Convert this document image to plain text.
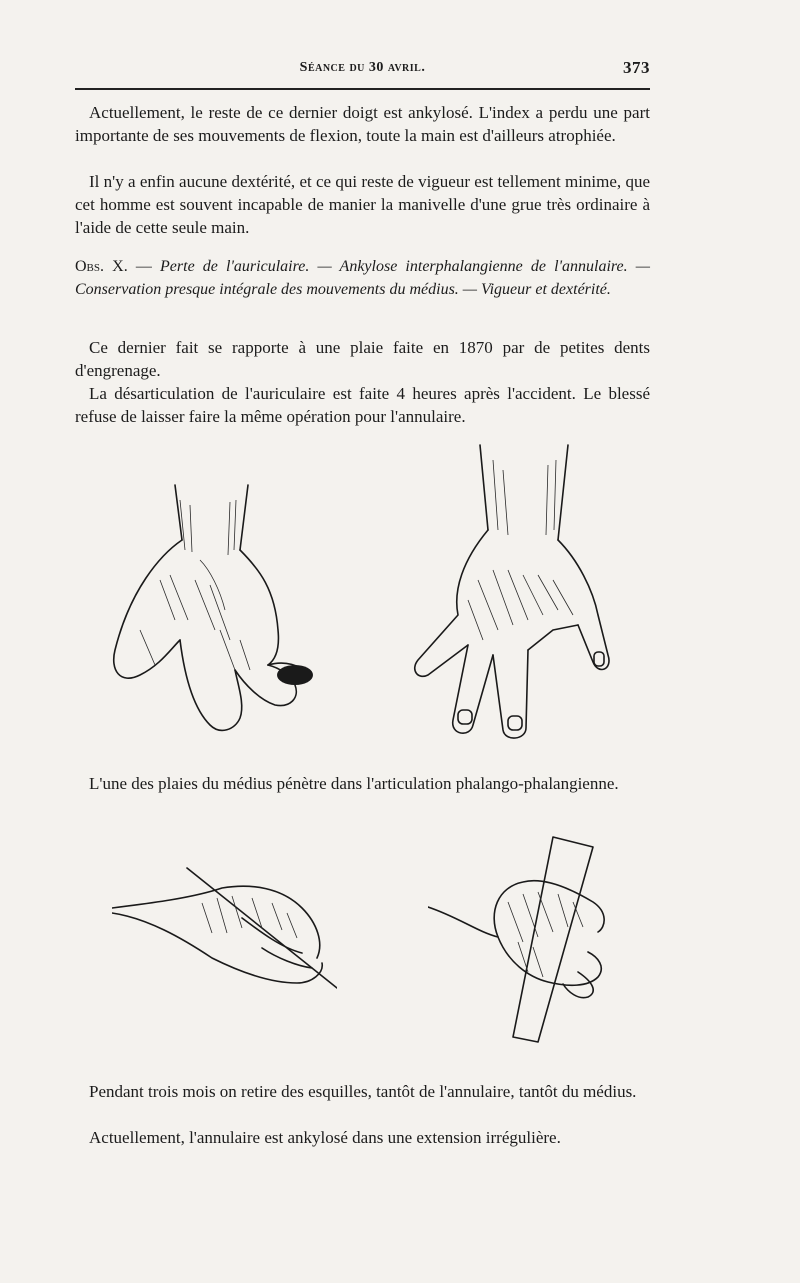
Séance du 30 avril.	373

Actuellement, le reste de ce dernier doigt est ankylosé. L'index a perdu une part importante de ses mouvements de flexion, toute la main est d'ailleurs atrophiée.

Il n'y a enfin aucune dextérité, et ce qui reste de vigueur est tellement minime, que cet homme est souvent incapable de manier la manivelle d'une grue très ordinaire à l'aide de cette seule main.

Obs. X. — Perte de l'auriculaire. — Ankylose interphalangienne de l'annulaire. — Conservation presque intégrale des mouvements du médius. — Vigueur et dextérité.

Ce dernier fait se rapporte à une plaie faite en 1870 par de petites dents d'engrenage.

La désarticulation de l'auriculaire est faite 4 heures après l'accident. Le blessé refuse de laisser faire la même opération pour l'annulaire.

L'une des plaies du médius pénètre dans l'articulation phalango-phalangienne.

Pendant trois mois on retire des esquilles, tantôt de l'annulaire, tantôt du médius.

Actuellement, l'annulaire est ankylosé dans une extension irrégulière.
